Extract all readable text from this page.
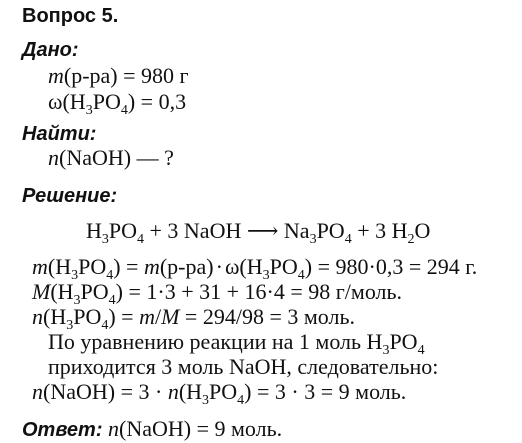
Вопрос 5.
Дано:
m(р-ра) = 980 г
$\omega(H_3PO_4) = 0,3$
Найти:
n(NaOH) — ?
Решение:
$H_3PO_4 + 3$ NaOH ⟶ $Na_3PO_4 + 3$ $H_2O$
$m(H_3PO_4) = m(р-ра)\cdot\omega(H_3PO_4) = 980\cdot 0,3 = 294$ г.
$M(H_3PO_4) = 1\cdot 3 + 31 + 16\cdot 4 = 98$ г/моль.
$n(H_3PO_4) = m/M = 294/98 = 3$ моль.
По уравнению реакции на 1 моль $H_3PO_4$
приходится 3 моль NaOH, следовательно:
n(NaOH) = $3 \cdot n(H_3PO_4) = 3 \cdot 3 = 9$ моль.
Ответ: n(NaOH) = 9 моль.
